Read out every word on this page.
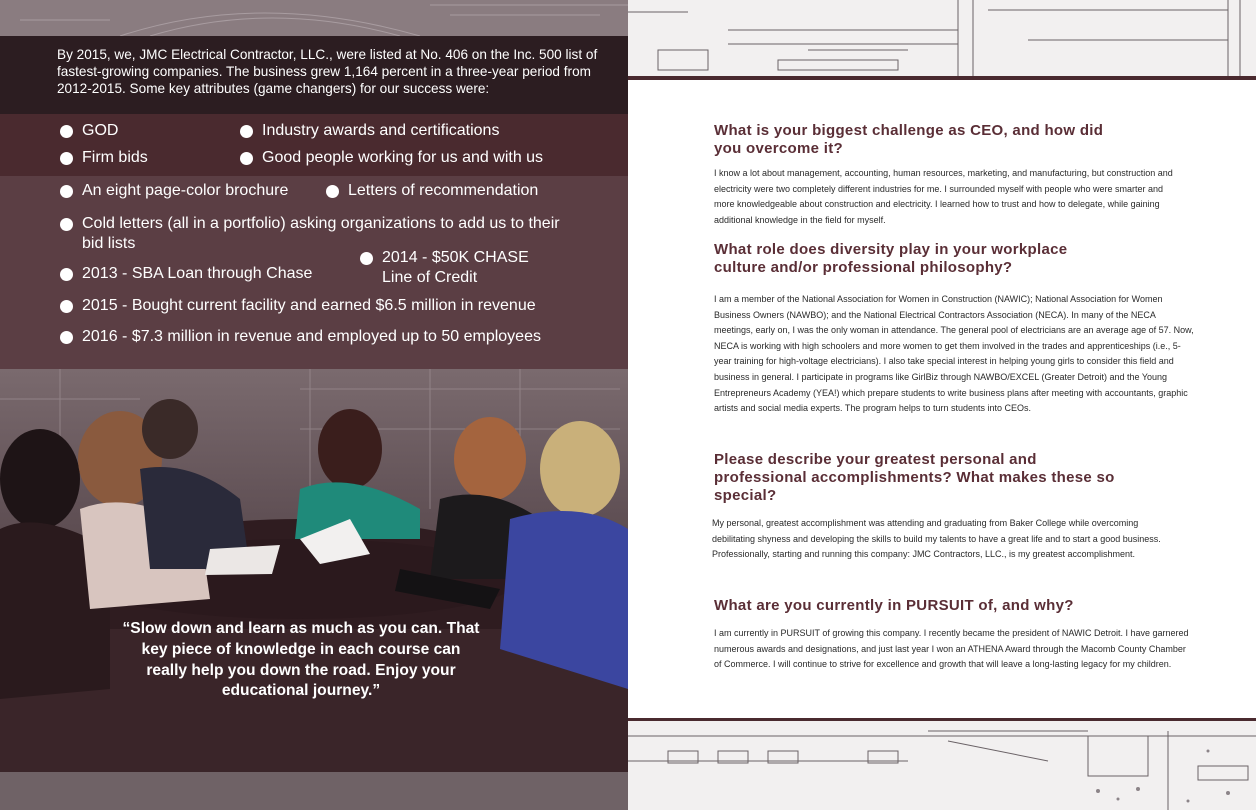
By 2015, we, JMC Electrical Contractor, LLC., were listed at No. 406 on the Inc. 500 list of fastest-growing companies. The business grew 1,164 percent in a three-year period from 2012-2015. Some key attributes (game changers) for our success were:
GOD	Industry awards and certifications
Firm bids	Good people working for us and with us
An eight page-color brochure	Letters of recommendation
Cold letters (all in a portfolio) asking organizations to add us to their bid lists
2013 - SBA Loan through Chase
2014 - $50K CHASE Line of Credit
2015 - Bought current facility and earned $6.5 million in revenue
2016 - $7.3 million in revenue and employed up to 50 employees
“Slow down and learn as much as you can. That key piece of knowledge in each course can really help you down the road. Enjoy your educational journey.”
What is your biggest challenge as CEO, and how did you overcome it?
I know a lot about management, accounting, human resources, marketing, and manufacturing, but construction and electricity were two completely different industries for me. I surrounded myself with people who were smarter and more knowledgeable about construction and electricity. I learned how to trust and how to delegate, while gaining additional knowledge in the field for myself.
What role does diversity play in your workplace culture and/or professional philosophy?
I am a member of the National Association for Women in Construction (NAWIC); National Association for Women Business Owners (NAWBO); and the National Electrical Contractors Association (NECA). In many of the NECA meetings, early on, I was the only woman in attendance. The general pool of electricians are an average age of 57. Now, NECA is working with high schoolers and more women to get them involved in the trades and apprenticeships (i.e., 5-year training for high-voltage electricians). I also take special interest in helping young girls to consider this field and business in general. I participate in programs like GirlBiz through NAWBO/EXCEL (Greater Detroit) and the Young Entrepreneurs Academy (YEA!) which prepare students to write business plans after meeting with accountants, graphic artists and social media experts. The program helps to turn students into CEOs.
Please describe your greatest personal and professional accomplishments? What makes these so special?
My personal, greatest accomplishment was attending and graduating from Baker College while overcoming debilitating shyness and developing the skills to build my talents to have a great life and to start a good business. Professionally, starting and running this company: JMC Contractors, LLC., is my greatest accomplishment.
What are you currently in PURSUIT of, and why?
I am currently in PURSUIT of growing this company. I recently became the president of NAWIC Detroit. I have garnered numerous awards and designations, and just last year I won an ATHENA Award through the Macomb County Chamber of Commerce. I will continue to strive for excellence and growth that will leave a long-lasting legacy for my children.
